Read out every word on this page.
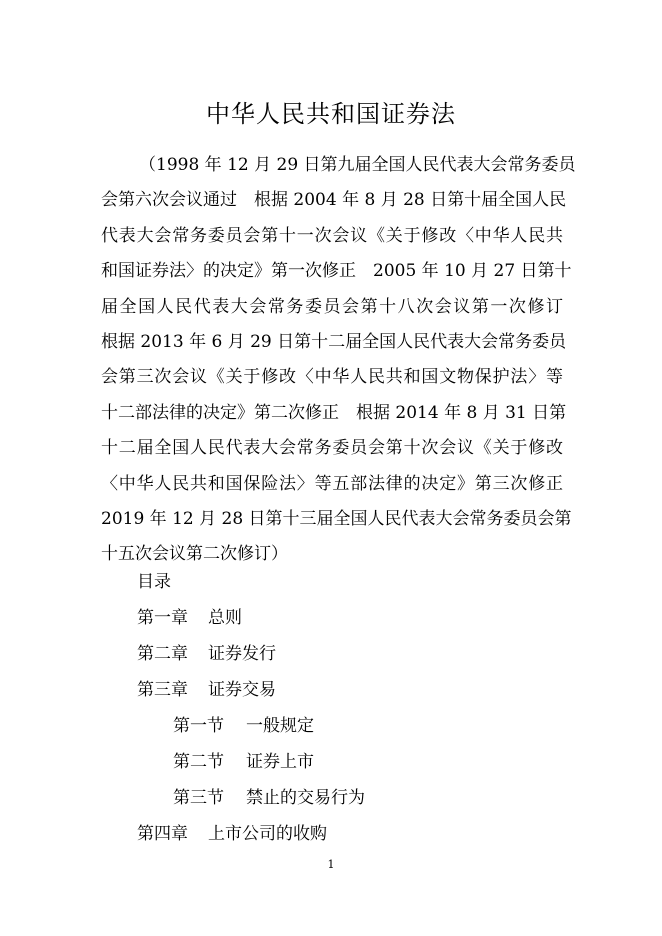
中华人民共和国证券法
（1998 年 12 月 29 日第九届全国人民代表大会常务委员
会第六次会议通过　根据 2004 年 8 月 28 日第十届全国人民
代表大会常务委员会第十一次会议《关于修改〈中华人民共
和国证券法〉的决定》第一次修正　2005 年 10 月 27 日第十
届全国人民代表大会常务委员会第十八次会议第一次修订
根据 2013 年 6 月 29 日第十二届全国人民代表大会常务委员
会第三次会议《关于修改〈中华人民共和国文物保护法〉等
十二部法律的决定》第二次修正　根据 2014 年 8 月 31 日第
十二届全国人民代表大会常务委员会第十次会议《关于修改
〈中华人民共和国保险法〉等五部法律的决定》第三次修正
2019 年 12 月 28 日第十三届全国人民代表大会常务委员会第
十五次会议第二次修订）
目录
第一章 总则
第二章 证券发行
第三章 证券交易
第一节 一般规定
第二节 证券上市
第三节 禁止的交易行为
第四章 上市公司的收购
1
